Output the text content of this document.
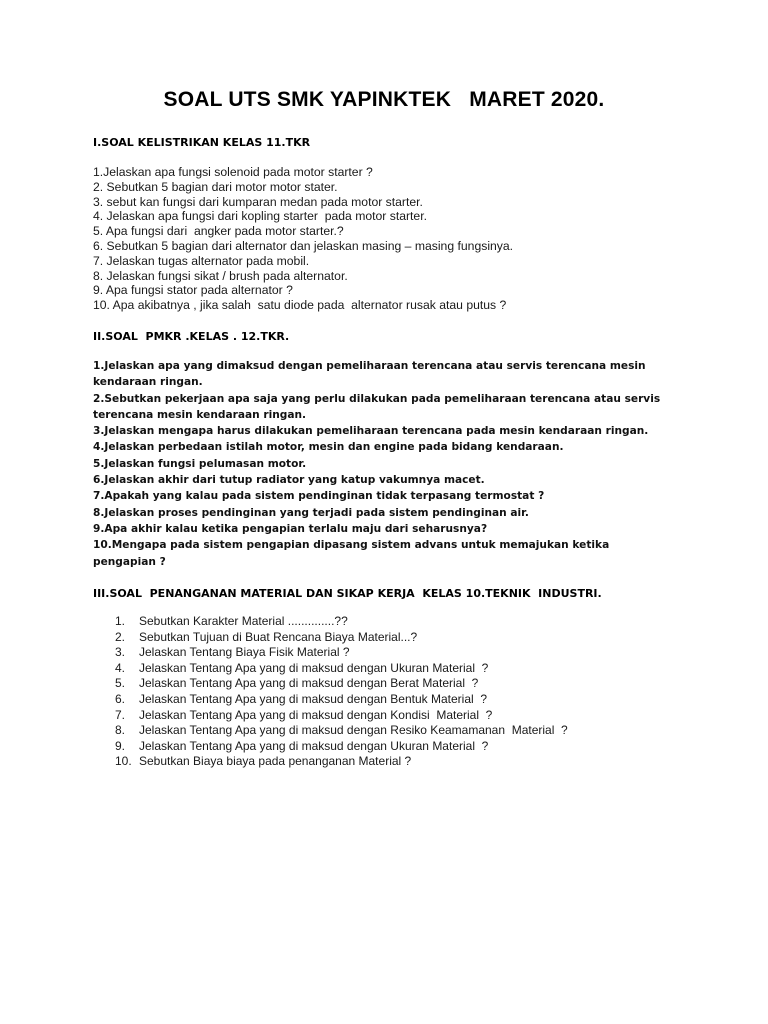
SOAL UTS SMK YAPINKTEK   MARET 2020.
I.SOAL KELISTRIKAN KELAS 11.TKR
1.Jelaskan apa fungsi solenoid pada motor starter ?
2. Sebutkan 5 bagian dari motor motor stater.
3. sebut kan fungsi dari kumparan medan pada motor starter.
4. Jelaskan apa fungsi dari kopling starter  pada motor starter.
5. Apa fungsi dari  angker pada motor starter.?
6. Sebutkan 5 bagian dari alternator dan jelaskan masing – masing fungsinya.
7. Jelaskan tugas alternator pada mobil.
8. Jelaskan fungsi sikat / brush pada alternator.
9. Apa fungsi stator pada alternator ?
10. Apa akibatnya , jika salah  satu diode pada  alternator rusak atau putus ?
II.SOAL  PMKR .KELAS . 12.TKR.
1.Jelaskan apa yang dimaksud dengan pemeliharaan terencana atau servis terencana mesin kendaraan ringan.
2.Sebutkan pekerjaan apa saja yang perlu dilakukan pada pemeliharaan terencana atau servis terencana mesin kendaraan ringan.
3.Jelaskan mengapa harus dilakukan pemeliharaan terencana pada mesin kendaraan ringan.
4.Jelaskan perbedaan istilah motor, mesin dan engine pada bidang kendaraan.
5.Jelaskan fungsi pelumasan motor.
6.Jelaskan akhir dari tutup radiator yang katup vakumnya macet.
7.Apakah yang kalau pada sistem pendinginan tidak terpasang termostat ?
8.Jelaskan proses pendinginan yang terjadi pada sistem pendinginan air.
9.Apa akhir kalau ketika pengapian terlalu maju dari seharusnya?
10.Mengapa pada sistem pengapian dipasang sistem advans untuk memajukan ketika pengapian ?
III.SOAL  PENANGANAN MATERIAL DAN SIKAP KERJA  KELAS 10.TEKNIK  INDUSTRI.
1.	Sebutkan Karakter Material ..............??
2.	Sebutkan Tujuan di Buat Rencana Biaya Material...?
3.	Jelaskan Tentang Biaya Fisik Material ?
4.	Jelaskan Tentang Apa yang di maksud dengan Ukuran Material  ?
5.	Jelaskan Tentang Apa yang di maksud dengan Berat Material  ?
6.	Jelaskan Tentang Apa yang di maksud dengan Bentuk Material  ?
7.	Jelaskan Tentang Apa yang di maksud dengan Kondisi  Material  ?
8.	Jelaskan Tentang Apa yang di maksud dengan Resiko Keamamanan  Material  ?
9.	Jelaskan Tentang Apa yang di maksud dengan Ukuran Material  ?
10. Sebutkan Biaya biaya pada penanganan Material ?
